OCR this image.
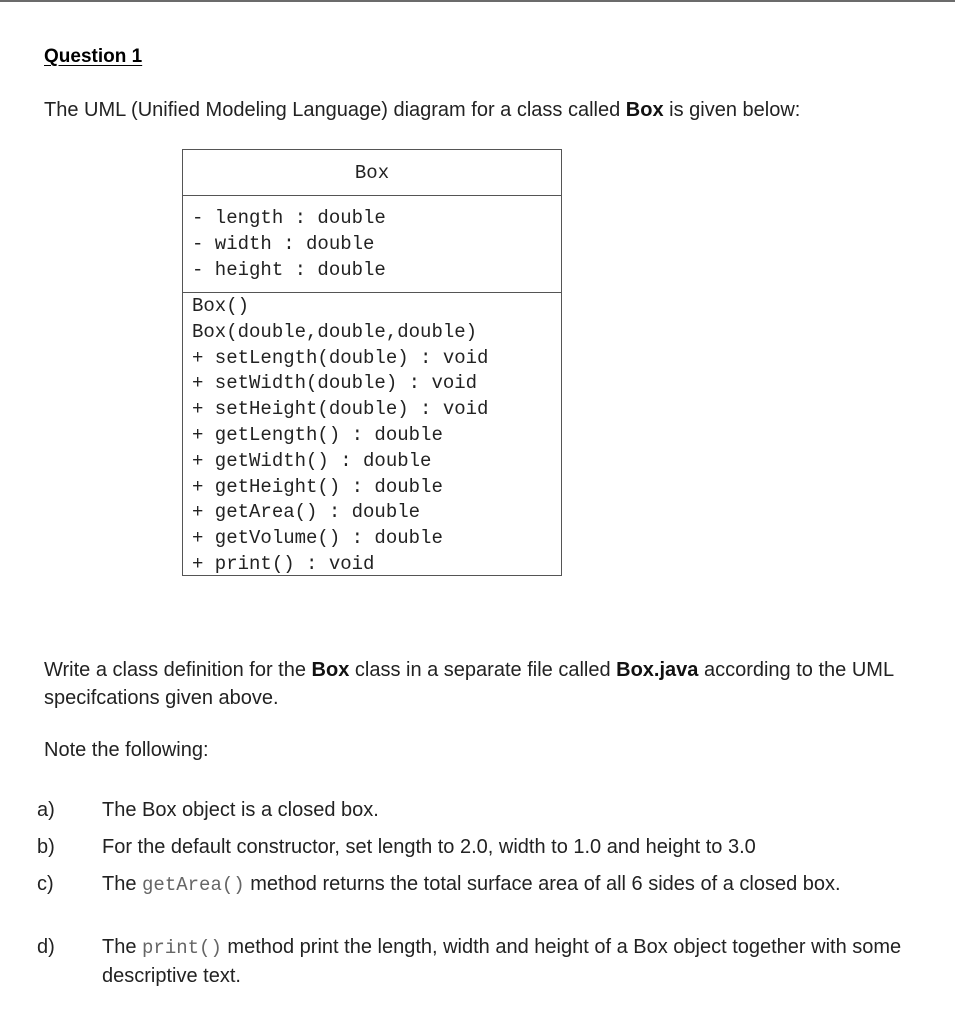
Question 1
The UML (Unified Modeling Language) diagram for a class called Box is given below:
Box
- length : double
- width : double
- height : double
Box()
Box(double,double,double)
+ setLength(double) : void
+ setWidth(double) : void
+ setHeight(double) : void
+ getLength() : double
+ getWidth() : double
+ getHeight() : double
+ getArea() : double
+ getVolume() : double
+ print() : void
Write a class definition for the Box class in a separate file called Box.java according to the UML specifcations given above.
Note the following:
a) The Box object is a closed box.
b) For the default constructor, set length to 2.0, width to 1.0 and height to 3.0
c) The getArea() method returns the total surface area of all 6 sides of a closed box.
d) The print() method print the length, width and height of a Box object together with some descriptive text.
